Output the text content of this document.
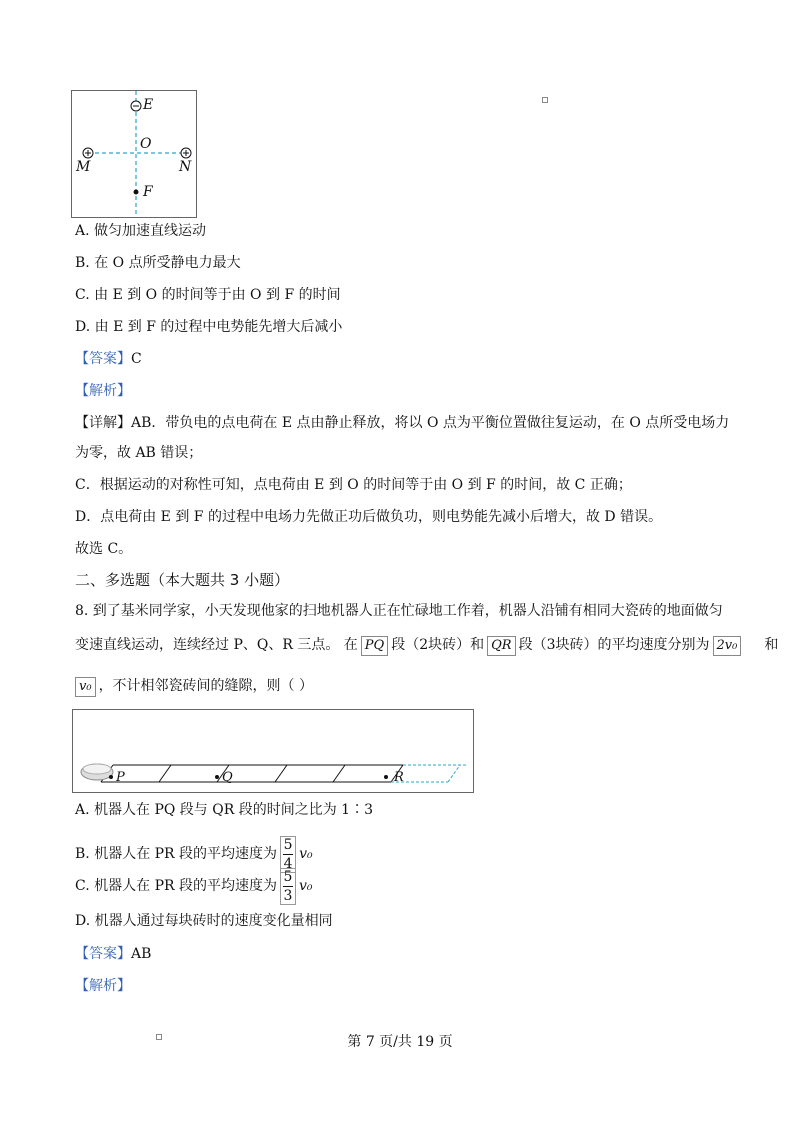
E
O
M	N
F
A. 做匀加速直线运动
B. 在 O 点所受静电力最大
C. 由 E 到 O 的时间等于由 O 到 F 的时间
D. 由 E 到 F 的过程中电势能先增大后减小
【答案】C
【解析】
【详解】AB．带负电的点电荷在 E 点由静止释放，将以 O 点为平衡位置做往复运动，在 O 点所受电场力
为零，故 AB 错误；
C．根据运动的对称性可知，点电荷由 E 到 O 的时间等于由 O 到 F 的时间，故 C 正确；
D．点电荷由 E 到 F 的过程中电场力先做正功后做负功，则电势能先减小后增大，故 D 错误。
故选 C。
二、多选题（本大题共 3 小题）
8. 到了基米同学家，小天发现他家的扫地机器人正在忙碌地工作着，机器人沿铺有相同大瓷砖的地面做匀
变速直线运动，连续经过 P、Q、R 三点。 在 PQ 段（2块砖）和 QR 段（3块砖）的平均速度分别为 2v₀ 和
v₀ ，不计相邻瓷砖间的缝隙，则（ ）
P	Q	R
A. 机器人在 PQ 段与 QR 段的时间之比为 1∶3
B. 机器人在 PR 段的平均速度为 $\frac{5}{4} v_0$
C. 机器人在 PR 段的平均速度为 $\frac{5}{3} v_0$
D. 机器人通过每块砖时的速度变化量相同
【答案】AB
【解析】
第 7 页/共 19 页
